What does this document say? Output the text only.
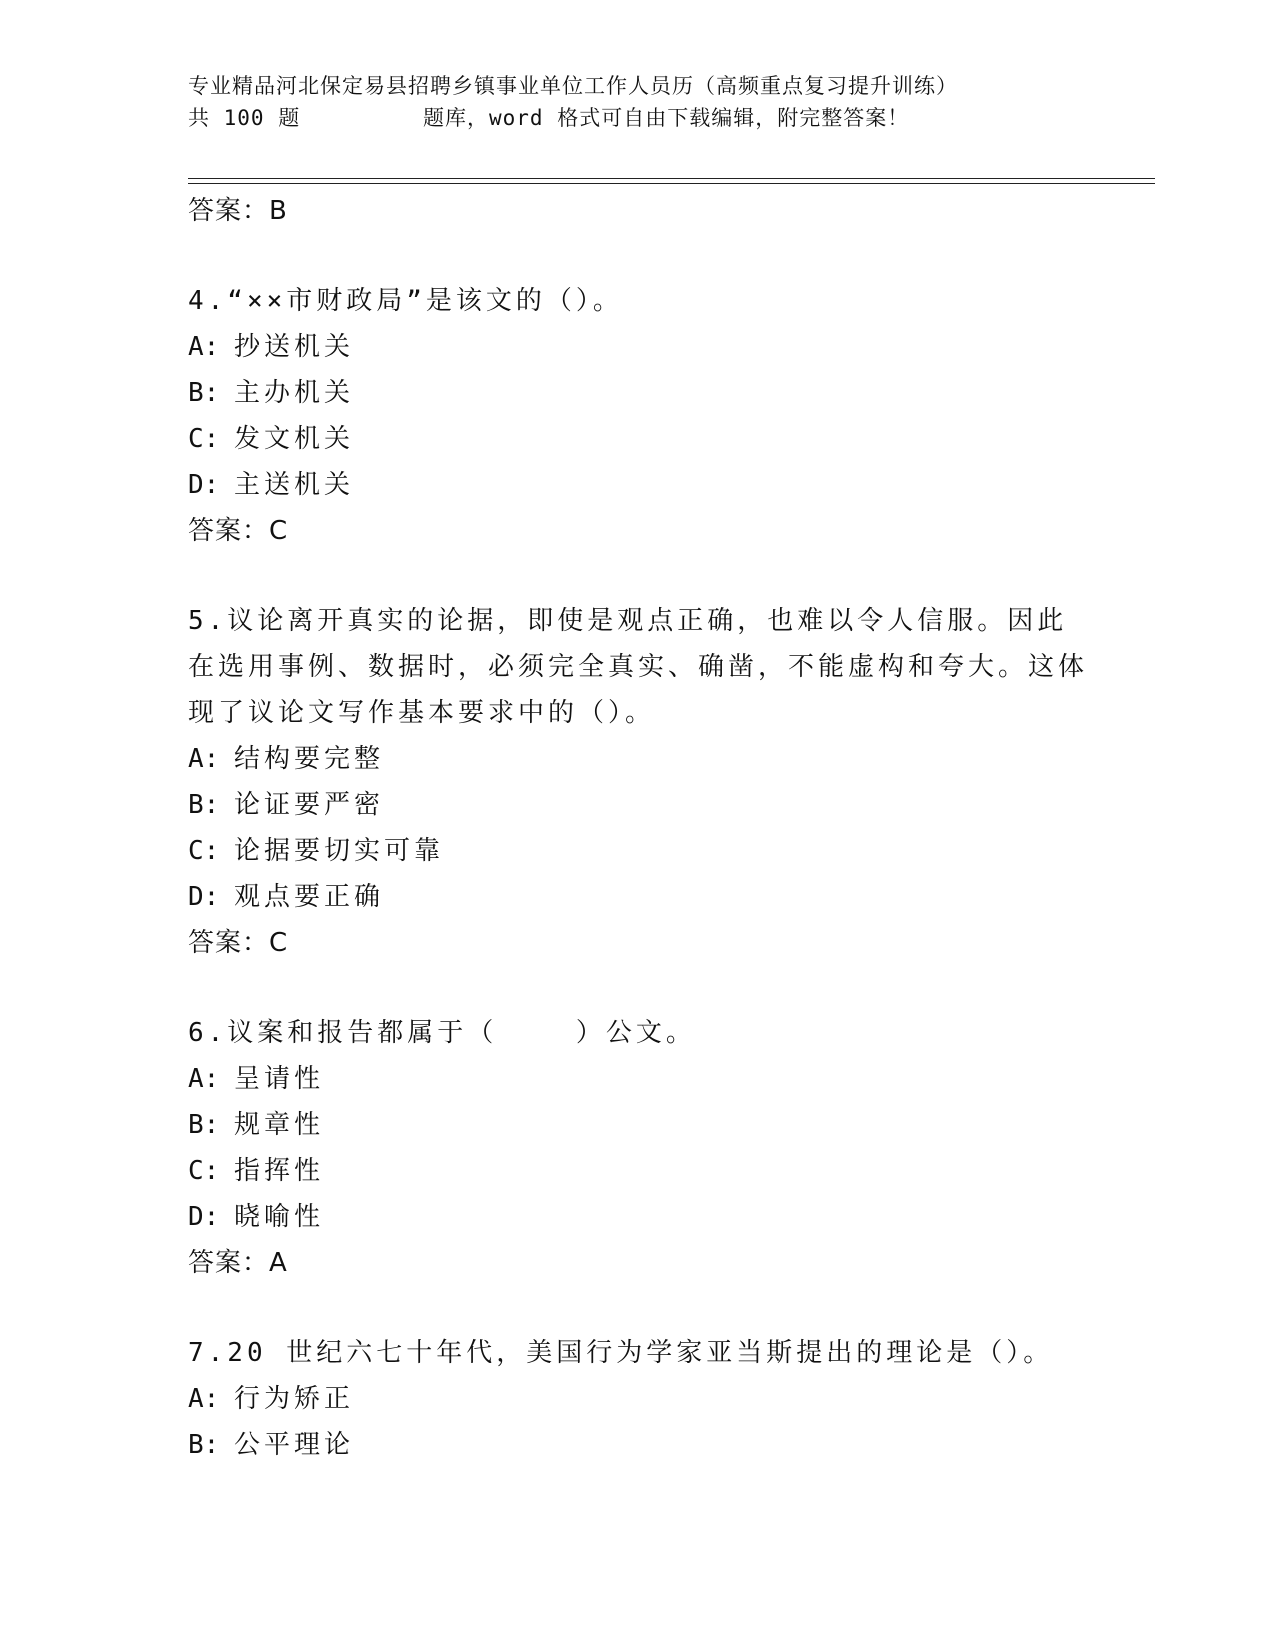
专业精品河北保定易县招聘乡镇事业单位工作人员历（高频重点复习提升训练）
共 100 题         题库，word 格式可自由下载编辑，附完整答案！
答案：B
4.“××市财政局”是该文的（）。
A: 抄送机关
B: 主办机关
C: 发文机关
D: 主送机关
答案：C
5.议论离开真实的论据，即使是观点正确，也难以令人信服。因此在选用事例、数据时，必须完全真实、确凿，不能虚构和夸大。这体现了议论文写作基本要求中的（）。
A: 结构要完整
B: 论证要严密
C: 论据要切实可靠
D: 观点要正确
答案：C
6.议案和报告都属于（    ）公文。
A: 呈请性
B: 规章性
C: 指挥性
D: 晓喻性
答案：A
7.20 世纪六七十年代，美国行为学家亚当斯提出的理论是（）。
A: 行为矫正
B: 公平理论
